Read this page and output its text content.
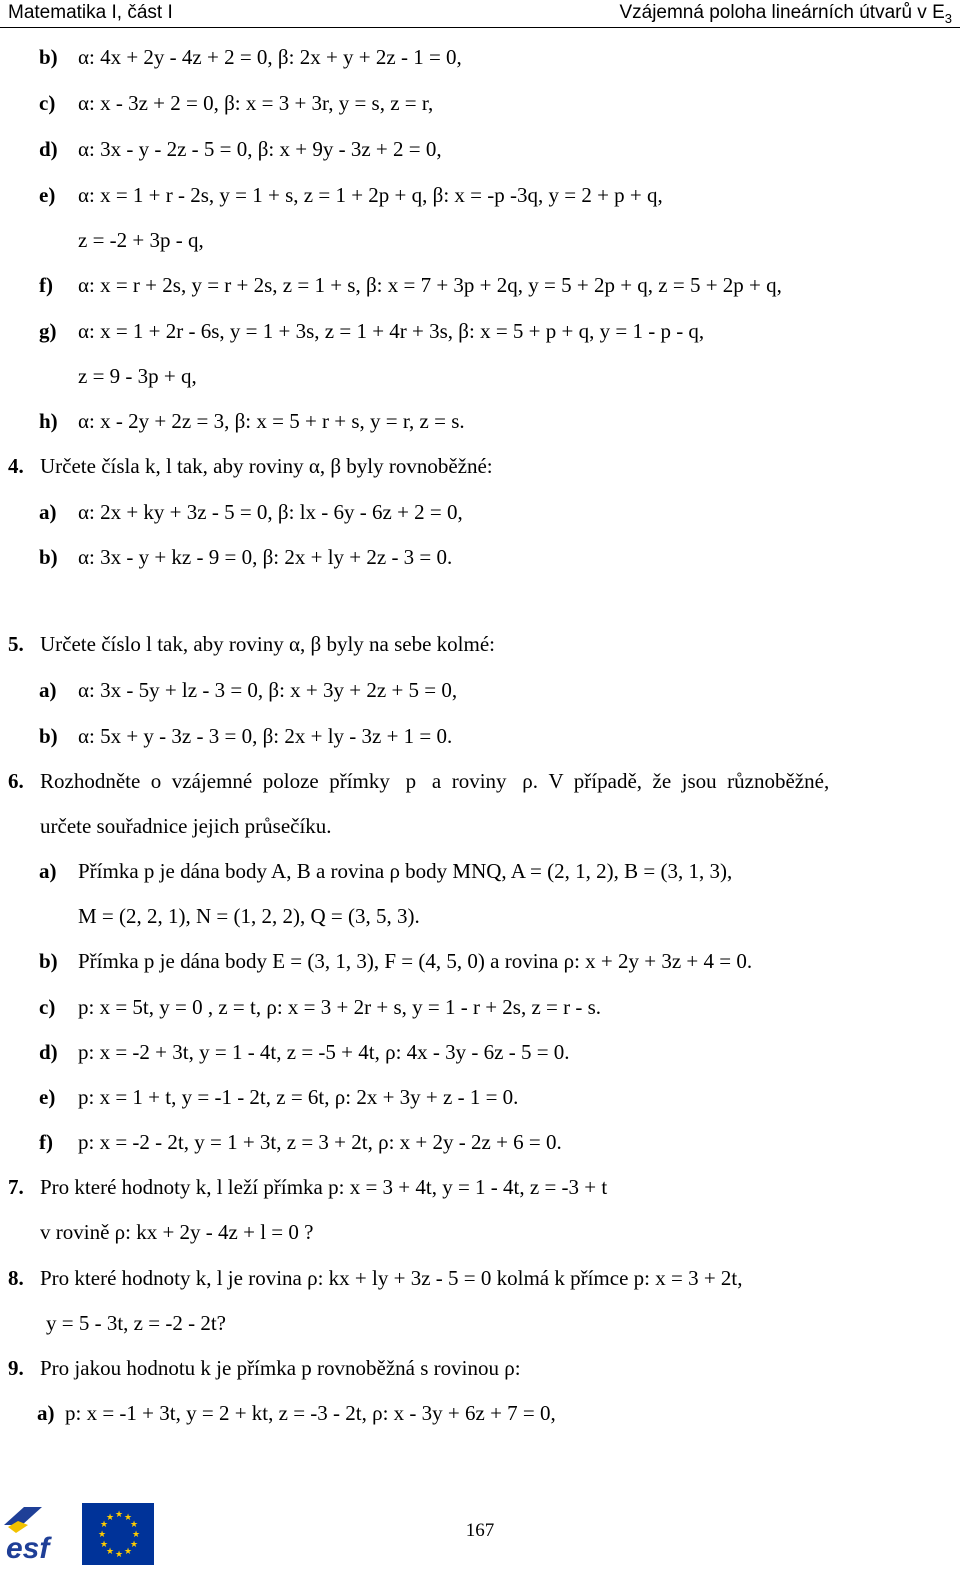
Matematika I, část I	Vzájemná poloha lineárních útvarů v $E_3$
b) α: 4x + 2y - 4z + 2 = 0, β: 2x + y + 2z - 1 = 0,
c) α: x - 3z + 2 = 0, β: x = 3 + 3r, y = s, z = r,
d) α: 3x - y - 2z - 5 = 0, β: x + 9y - 3z + 2 = 0,
e) α: x = 1 + r - 2s, y = 1 + s, z = 1 + 2p + q, β: x = -p -3q, y = 2 + p + q,
z = -2 + 3p - q,
f) α: x = r + 2s, y = r + 2s, z = 1 + s, β: x = 7 + 3p + 2q, y = 5 + 2p + q, z = 5 + 2p + q,
g) α: x = 1 + 2r - 6s, y = 1 + 3s, z = 1 + 4r + 3s, β: x = 5 + p + q, y = 1 - p - q,
z = 9 - 3p + q,
h) α: x - 2y + 2z = 3, β: x = 5 + r + s, y = r, z = s.
4. Určete čísla k, l tak, aby roviny α, β byly rovnoběžné:
a) α: 2x + ky + 3z - 5 = 0, β: lx - 6y - 6z + 2 = 0,
b) α: 3x - y + kz - 9 = 0, β: 2x + ly + 2z - 3 = 0.
5. Určete číslo l tak, aby roviny α, β byly na sebe kolmé:
a) α: 3x - 5y + lz - 3 = 0, β: x + 3y + 2z + 5 = 0,
b) α: 5x + y - 3z - 3 = 0, β: 2x + ly - 3z + 1 = 0.
6. Rozhodněte  o  vzájemné  poloze  přímky   p   a  roviny   ρ.  V  případě,  že  jsou  různoběžné,
určete souřadnice jejich průsečíku.
a) Přímka p je dána body A, B a rovina ρ body MNQ, A = (2, 1, 2), B = (3, 1, 3),
M = (2, 2, 1), N = (1, 2, 2), Q = (3, 5, 3).
b) Přímka p je dána body E = (3, 1, 3), F = (4, 5, 0) a rovina ρ: x + 2y + 3z + 4 = 0.
c) p: x = 5t, y = 0 , z = t, ρ: x = 3 + 2r + s, y = 1 - r + 2s, z = r - s.
d) p: x = -2 + 3t, y = 1 - 4t, z = -5 + 4t, ρ: 4x - 3y - 6z - 5 = 0.
e) p: x = 1 + t, y = -1 - 2t, z = 6t, ρ: 2x + 3y + z - 1 = 0.
f) p: x = -2 - 2t, y = 1 + 3t, z = 3 + 2t, ρ: x + 2y - 2z + 6 = 0.
7. Pro které hodnoty k, l leží přímka p: x = 3 + 4t, y = 1 - 4t, z = -3 + t
v rovině ρ: kx + 2y - 4z + l = 0 ?
8. Pro které hodnoty k, l je rovina ρ: kx + ly + 3z - 5 = 0 kolmá k přímce p: x = 3 + 2t,
y = 5 - 3t, z = -2 - 2t?
9. Pro jakou hodnotu k je přímka p rovnoběžná s rovinou ρ:
a) p: x = -1 + 3t, y = 2 + kt, z = -3 - 2t, ρ: x - 3y + 6z + 7 = 0,
esf
★ ★
★
★
★
★
★
★
★
★
★
★
167
